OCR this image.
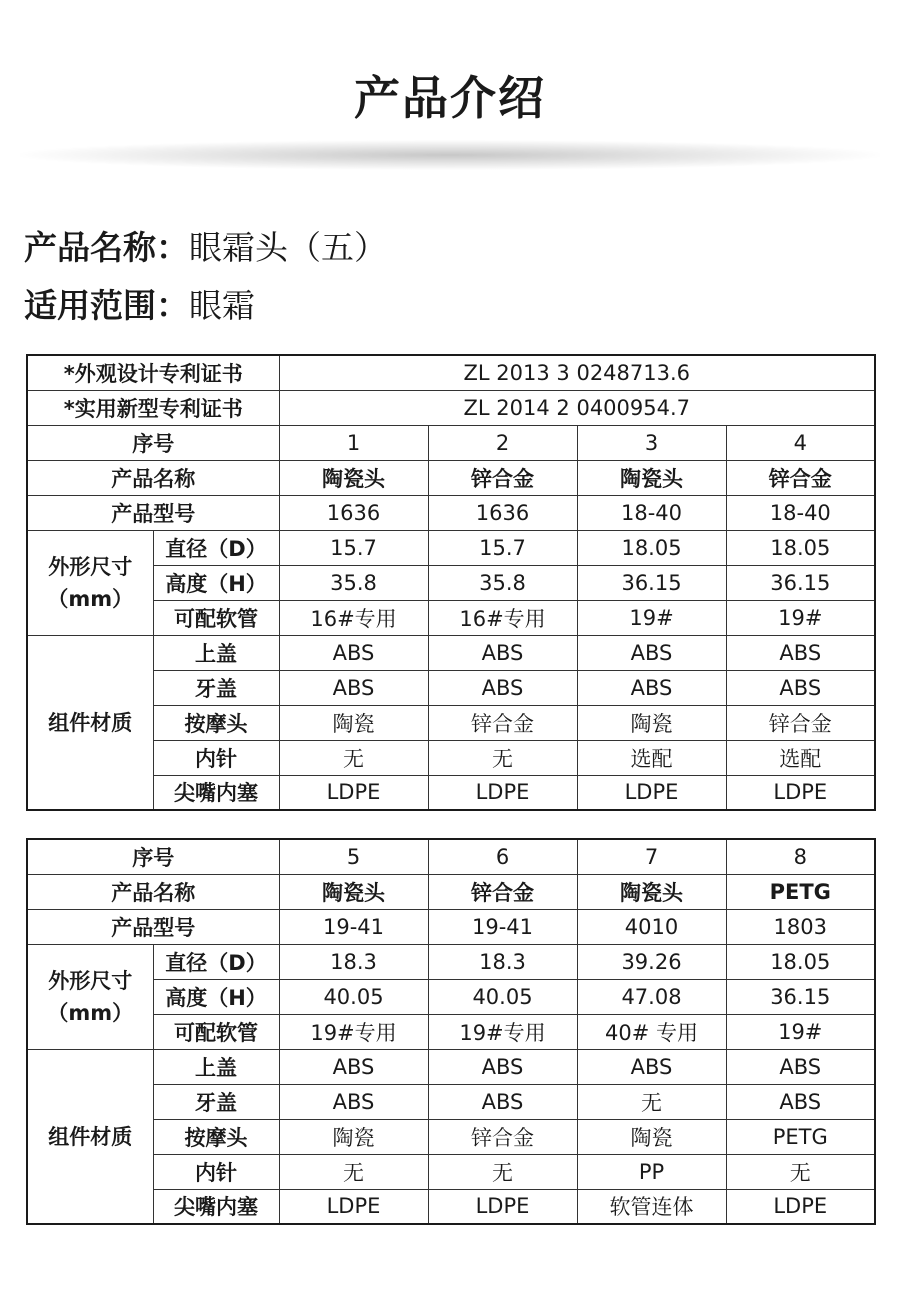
产品介绍
产品名称：眼霜头（五）
适用范围：眼霜
*外观设计专利证书		ZL 2013 3 0248713.6			
*实用新型专利证书		ZL 2014 2 0400954.7			
序号		1	2	3	4
产品名称		陶瓷头	锌合金	陶瓷头	锌合金
产品型号		1636	1636	18-40	18-40

外形尺寸
（mm）	直径（D）	15.7	15.7	18.05	18.05
	高度（H）	35.8	35.8	36.15	36.15
	可配软管	16#专用	16#专用	19#	19#
组件材质	上盖	ABS	ABS	ABS	ABS
	牙盖	ABS	ABS	ABS	ABS
	按摩头	陶瓷	锌合金	陶瓷	锌合金
	内针	无	无	选配	选配
	尖嘴内塞	LDPE	LDPE	LDPE	LDPE
序号		5	6	7	8
产品名称		陶瓷头	锌合金	陶瓷头	PETG
产品型号		19-41	19-41	4010	1803

外形尺寸
（mm）	直径（D）	18.3	18.3	39.26	18.05
	高度（H）	40.05	40.05	47.08	36.15
	可配软管	19#专用	19#专用	40# 专用	19#
组件材质	上盖	ABS	ABS	ABS	ABS
	牙盖	ABS	ABS	无	ABS
	按摩头	陶瓷	锌合金	陶瓷	PETG
	内针	无	无	PP	无
	尖嘴内塞	LDPE	LDPE	软管连体	LDPE
